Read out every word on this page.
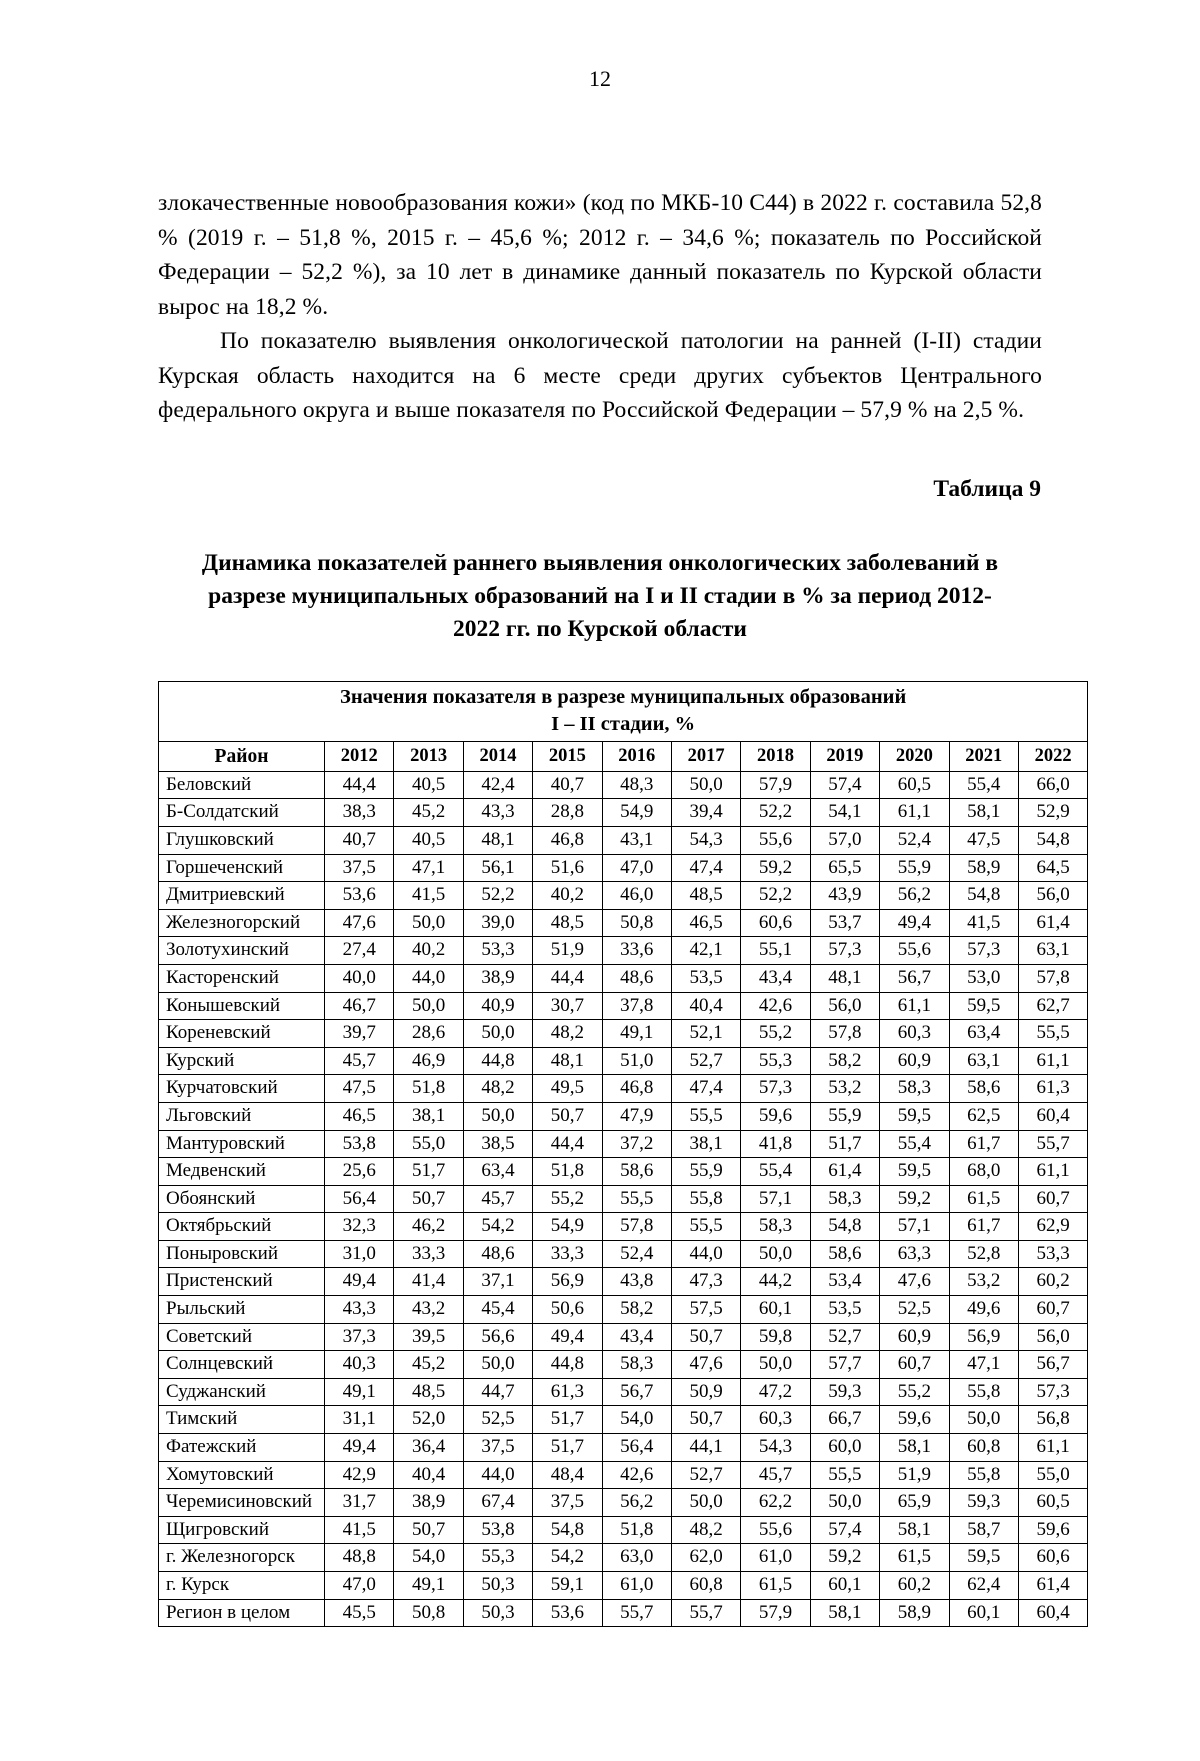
12

злокачественные новообразования кожи» (код по МКБ-10 С44) в 2022 г. составила 52,8 % (2019 г. – 51,8 %, 2015 г. – 45,6 %; 2012 г. – 34,6 %; показатель по Российской Федерации – 52,2 %), за 10 лет в динамике данный показатель по Курской области вырос на 18,2 %.

По показателю выявления онкологической патологии на ранней (I-II) стадии Курская область находится на 6 месте среди других субъектов Центрального федерального округа и выше показателя по Российской Федерации – 57,9 % на 2,5 %.

Таблица 9
Динамика показателей раннего выявления онкологических заболеваний в разрезе муниципальных образований на I и II стадии в % за период 2012-2022 гг. по Курской области
Значения показателя в разрезе муниципальных образований
I – II стадии, %											

Район	2012	2013	2014	2015	2016	2017	2018	2019	2020	2021	2022
Беловский	44,4	40,5	42,4	40,7	48,3	50,0	57,9	57,4	60,5	55,4	66,0
Б-Солдатский	38,3	45,2	43,3	28,8	54,9	39,4	52,2	54,1	61,1	58,1	52,9
Глушковский	40,7	40,5	48,1	46,8	43,1	54,3	55,6	57,0	52,4	47,5	54,8
Горшеченский	37,5	47,1	56,1	51,6	47,0	47,4	59,2	65,5	55,9	58,9	64,5
Дмитриевский	53,6	41,5	52,2	40,2	46,0	48,5	52,2	43,9	56,2	54,8	56,0
Железногорский	47,6	50,0	39,0	48,5	50,8	46,5	60,6	53,7	49,4	41,5	61,4
Золотухинский	27,4	40,2	53,3	51,9	33,6	42,1	55,1	57,3	55,6	57,3	63,1
Касторенский	40,0	44,0	38,9	44,4	48,6	53,5	43,4	48,1	56,7	53,0	57,8
Конышевский	46,7	50,0	40,9	30,7	37,8	40,4	42,6	56,0	61,1	59,5	62,7
Кореневский	39,7	28,6	50,0	48,2	49,1	52,1	55,2	57,8	60,3	63,4	55,5
Курский	45,7	46,9	44,8	48,1	51,0	52,7	55,3	58,2	60,9	63,1	61,1
Курчатовский	47,5	51,8	48,2	49,5	46,8	47,4	57,3	53,2	58,3	58,6	61,3
Льговский	46,5	38,1	50,0	50,7	47,9	55,5	59,6	55,9	59,5	62,5	60,4
Мантуровский	53,8	55,0	38,5	44,4	37,2	38,1	41,8	51,7	55,4	61,7	55,7
Медвенский	25,6	51,7	63,4	51,8	58,6	55,9	55,4	61,4	59,5	68,0	61,1
Обоянский	56,4	50,7	45,7	55,2	55,5	55,8	57,1	58,3	59,2	61,5	60,7
Октябрьский	32,3	46,2	54,2	54,9	57,8	55,5	58,3	54,8	57,1	61,7	62,9
Поныровский	31,0	33,3	48,6	33,3	52,4	44,0	50,0	58,6	63,3	52,8	53,3
Пристенский	49,4	41,4	37,1	56,9	43,8	47,3	44,2	53,4	47,6	53,2	60,2
Рыльский	43,3	43,2	45,4	50,6	58,2	57,5	60,1	53,5	52,5	49,6	60,7
Советский	37,3	39,5	56,6	49,4	43,4	50,7	59,8	52,7	60,9	56,9	56,0
Солнцевский	40,3	45,2	50,0	44,8	58,3	47,6	50,0	57,7	60,7	47,1	56,7
Суджанский	49,1	48,5	44,7	61,3	56,7	50,9	47,2	59,3	55,2	55,8	57,3
Тимский	31,1	52,0	52,5	51,7	54,0	50,7	60,3	66,7	59,6	50,0	56,8
Фатежский	49,4	36,4	37,5	51,7	56,4	44,1	54,3	60,0	58,1	60,8	61,1
Хомутовский	42,9	40,4	44,0	48,4	42,6	52,7	45,7	55,5	51,9	55,8	55,0
Черемисиновский	31,7	38,9	67,4	37,5	56,2	50,0	62,2	50,0	65,9	59,3	60,5
Щигровский	41,5	50,7	53,8	54,8	51,8	48,2	55,6	57,4	58,1	58,7	59,6
г. Железногорск	48,8	54,0	55,3	54,2	63,0	62,0	61,0	59,2	61,5	59,5	60,6
г. Курск	47,0	49,1	50,3	59,1	61,0	60,8	61,5	60,1	60,2	62,4	61,4
Регион в целом	45,5	50,8	50,3	53,6	55,7	55,7	57,9	58,1	58,9	60,1	60,4
